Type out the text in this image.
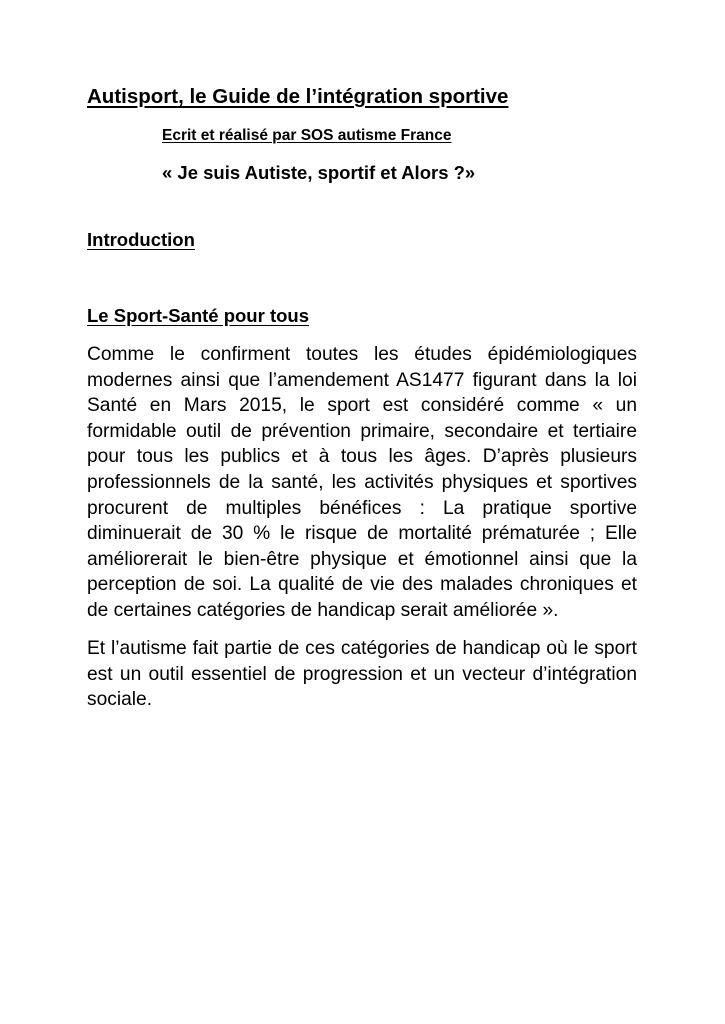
Autisport, le Guide de l’intégration sportive

Ecrit et réalisé par SOS autisme France

« Je suis Autiste, sportif et Alors ?»

Introduction
Le Sport-Santé pour tous

Comme le confirment toutes les études épidémiologiques modernes ainsi que l’amendement AS1477 figurant dans la loi Santé en Mars 2015, le sport est considéré comme « un formidable outil de prévention primaire, secondaire et tertiaire pour tous les publics et à tous les âges. D’après plusieurs professionnels de la santé, les activités physiques et sportives procurent de multiples bénéfices : La pratique sportive diminuerait de 30 % le risque de mortalité prématurée ; Elle améliorerait le bien-être physique et émotionnel ainsi que la perception de soi. La qualité de vie des malades chroniques et de certaines catégories de handicap serait améliorée ».

Et l’autisme fait partie de ces catégories de handicap où le sport est un outil essentiel de progression et un vecteur d’intégration sociale.
